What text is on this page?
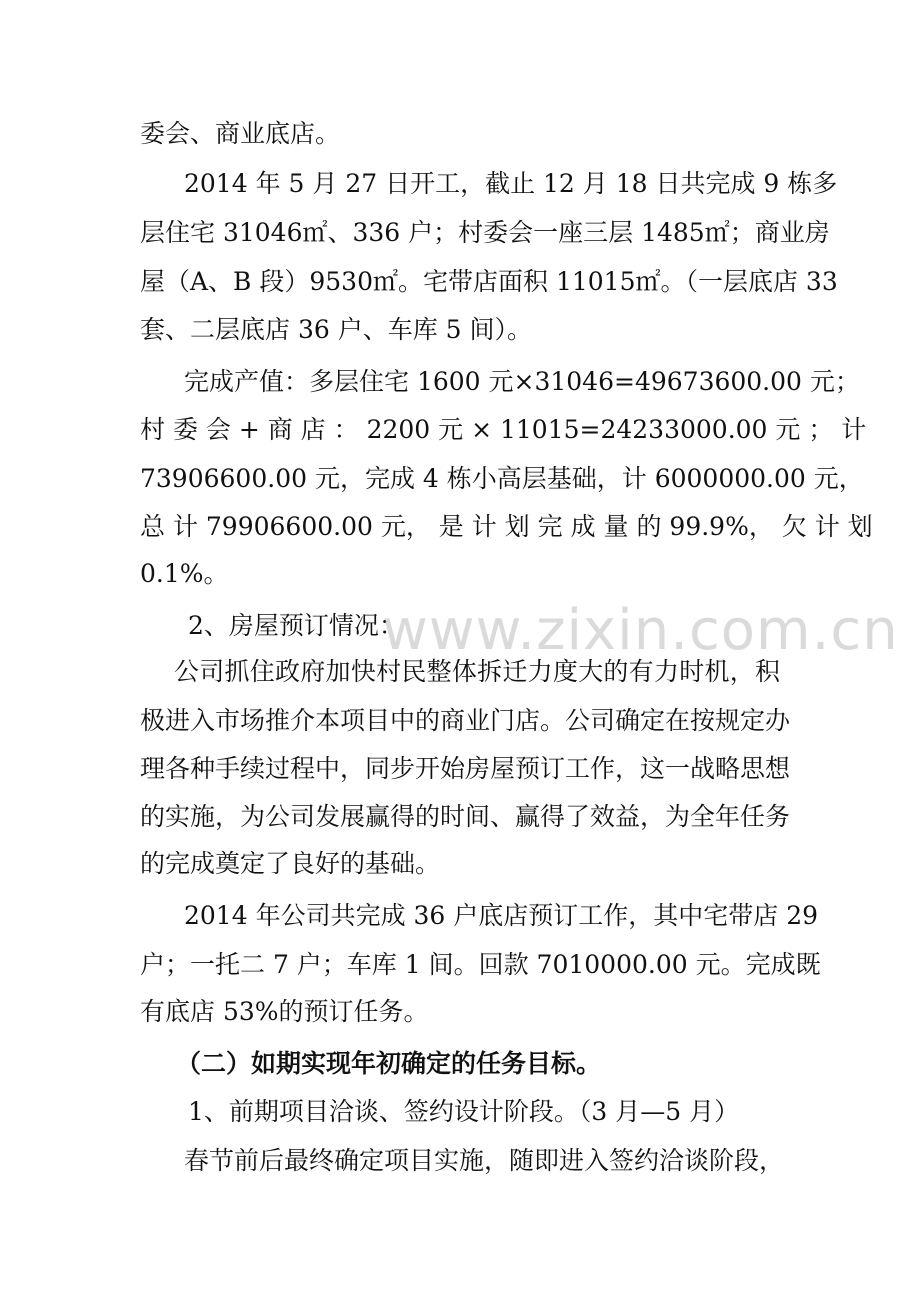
委会、商业底店。
2014 年 5 月 27 日开工，截止 12 月 18 日共完成 9 栋多
层住宅 31046㎡、336 户；村委会一座三层 1485㎡；商业房
屋（A、B 段）9530㎡。宅带店面积 11015㎡。（一层底店 33
套、二层底店 36 户、车库 5 间）。
完成产值：多层住宅 1600 元×31046=49673600.00 元；
村 委 会 + 商 店 ： 2200 元 × 11015=24233000.00 元 ； 计
73906600.00 元，完成 4 栋小高层基础，计 6000000.00 元，
总 计 79906600.00 元， 是 计 划 完 成 量 的 99.9%， 欠 计 划
0.1%。
2、房屋预订情况：
公司抓住政府加快村民整体拆迁力度大的有力时机，积
极进入市场推介本项目中的商业门店。公司确定在按规定办
理各种手续过程中，同步开始房屋预订工作，这一战略思想
的实施，为公司发展赢得的时间、赢得了效益，为全年任务
的完成奠定了良好的基础。
2014 年公司共完成 36 户底店预订工作，其中宅带店 29
户；一托二 7 户；车库 1 间。回款 7010000.00 元。完成既
有底店 53%的预订任务。
（二）如期实现年初确定的任务目标。
1、前期项目洽谈、签约设计阶段。（3 月—5 月）
春节前后最终确定项目实施，随即进入签约洽谈阶段，
www.zixin.com.cn
